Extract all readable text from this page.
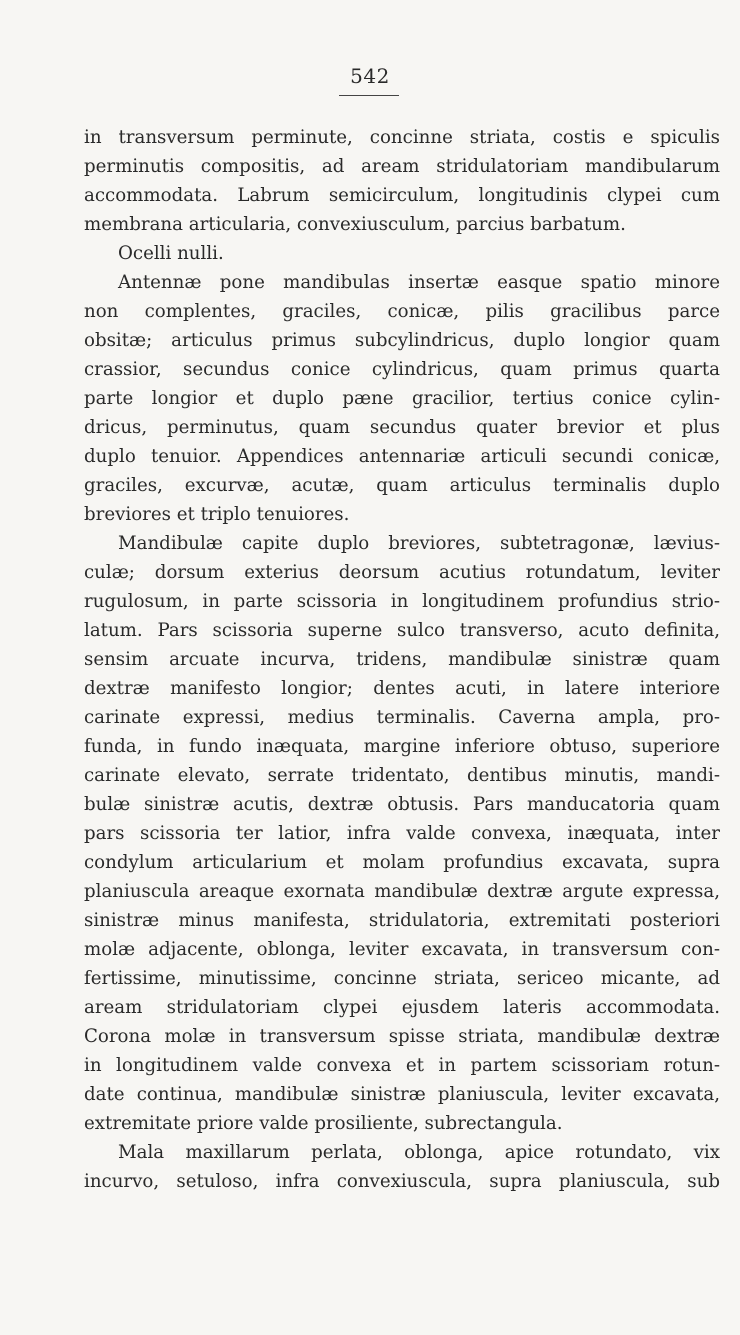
542
in transversum perminute, concinne striata, costis e spiculis
perminutis compositis, ad aream stridulatoriam mandibularum
accommodata. Labrum semicirculum, longitudinis clypei cum
membrana articularia, convexiusculum, parcius barbatum.
Ocelli nulli.
Antennæ pone mandibulas insertæ easque spatio minore
non complentes, graciles, conicæ, pilis gracilibus parce
obsitæ; articulus primus subcylindricus, duplo longior quam
crassior, secundus conice cylindricus, quam primus quarta
parte longior et duplo pæne gracilior, tertius conice cylin-
dricus, perminutus, quam secundus quater brevior et plus
duplo tenuior. Appendices antennariæ articuli secundi conicæ,
graciles, excurvæ, acutæ, quam articulus terminalis duplo
breviores et triplo tenuiores.
Mandibulæ capite duplo breviores, subtetragonæ, lævius-
culæ; dorsum exterius deorsum acutius rotundatum, leviter
rugulosum, in parte scissoria in longitudinem profundius strio-
latum. Pars scissoria superne sulco transverso, acuto definita,
sensim arcuate incurva, tridens, mandibulæ sinistræ quam
dextræ manifesto longior; dentes acuti, in latere interiore
carinate expressi, medius terminalis. Caverna ampla, pro-
funda, in fundo inæquata, margine inferiore obtuso, superiore
carinate elevato, serrate tridentato, dentibus minutis, mandi-
bulæ sinistræ acutis, dextræ obtusis. Pars manducatoria quam
pars scissoria ter latior, infra valde convexa, inæquata, inter
condylum articularium et molam profundius excavata, supra
planiuscula areaque exornata mandibulæ dextræ argute expressa,
sinistræ minus manifesta, stridulatoria, extremitati posteriori
molæ adjacente, oblonga, leviter excavata, in transversum con-
fertissime, minutissime, concinne striata, sericeo micante, ad
aream stridulatoriam clypei ejusdem lateris accommodata.
Corona molæ in transversum spisse striata, mandibulæ dextræ
in longitudinem valde convexa et in partem scissoriam rotun-
date continua, mandibulæ sinistræ planiuscula, leviter excavata,
extremitate priore valde prosiliente, subrectangula.
Mala maxillarum perlata, oblonga, apice rotundato, vix
incurvo, setuloso, infra convexiuscula, supra planiuscula, sub
